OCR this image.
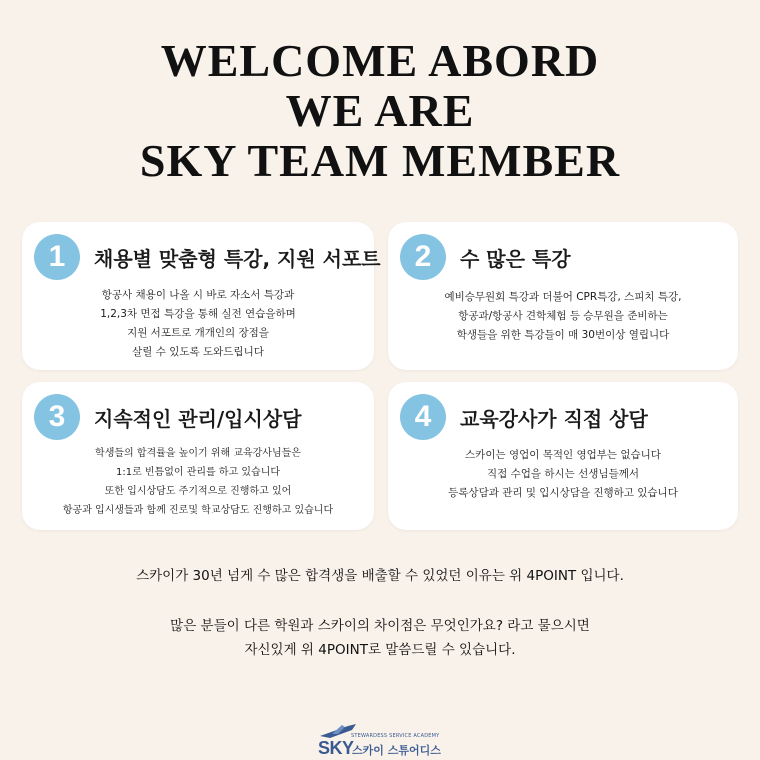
WELCOME ABORD
WE ARE
SKY TEAM MEMBER
1	채용별 맞춤형 특강, 지원 서포트
항공사 채용이 나올 시 바로 자소서 특강과
1,2,3차 면접 특강을 통해 실전 연습을하며
지원 서포트로 개개인의 장점을
살릴 수 있도록 도와드립니다
2	수 많은 특강
예비승무원회 특강과 더불어 CPR특강, 스피치 특강,
항공과/항공사 견학체험 등 승무원을 준비하는
학생들을 위한 특강들이 매 30번이상 열립니다
3	지속적인 관리/입시상담
학생들의 합격률을 높이기 위해 교육강사님들은
1:1로 빈틈없이 관리를 하고 있습니다
또한 입시상담도 주기적으로 진행하고 있어
항공과 입시생들과 함께 진로및 학교상담도 진행하고 있습니다
4	교육강사가 직접 상담
스카이는 영업이 목적인 영업부는 없습니다
직접 수업을 하시는 선생님들께서
등록상담과 관리 및 입시상담을 진행하고 있습니다
스카이가 30년 넘게 수 많은 합격생을 배출할 수 있었던 이유는 위 4POINT 입니다.
많은 분들이 다른 학원과 스카이의 차이점은 무엇인가요? 라고 물으시면
자신있게 위 4POINT로 말씀드릴 수 있습니다.
STEWARDESS SERVICE ACADEMY
SKY
스카이 스튜어디스
